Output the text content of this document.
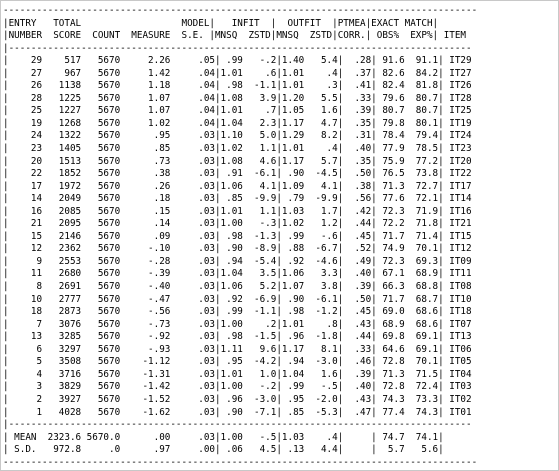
-------------------------------------------------------------------------------------
|ENTRY   TOTAL                  MODEL|   INFIT  |  OUTFIT  |PTMEA|EXACT MATCH|
|NUMBER  SCORE  COUNT  MEASURE  S.E. |MNSQ  ZSTD|MNSQ  ZSTD|CORR.| OBS%  EXP%| ITEM
|-----------------------------------------------------------------------------------
|    29    517   5670     2.26     .05| .99   -.2|1.40   5.4|  .28| 91.6  91.1| IT29
|    27    967   5670     1.42     .04|1.01    .6|1.01    .4|  .37| 82.6  84.2| IT27
|    26   1138   5670     1.18     .04| .98  -1.1|1.01    .3|  .41| 82.4  81.8| IT26
|    28   1225   5670     1.07     .04|1.08   3.9|1.20   5.5|  .33| 79.6  80.7| IT28
|    25   1227   5670     1.07     .04|1.01    .7|1.05   1.6|  .39| 80.7  80.7| IT25
|    19   1268   5670     1.02     .04|1.04   2.3|1.17   4.7|  .35| 79.8  80.1| IT19
|    24   1322   5670      .95     .03|1.10   5.0|1.29   8.2|  .31| 78.4  79.4| IT24
|    23   1405   5670      .85     .03|1.02   1.1|1.01    .4|  .40| 77.9  78.5| IT23
|    20   1513   5670      .73     .03|1.08   4.6|1.17   5.7|  .35| 75.9  77.2| IT20
|    22   1852   5670      .38     .03| .91  -6.1| .90  -4.5|  .50| 76.5  73.8| IT22
|    17   1972   5670      .26     .03|1.06   4.1|1.09   4.1|  .38| 71.3  72.7| IT17
|    14   2049   5670      .18     .03| .85  -9.9| .79  -9.9|  .56| 77.6  72.1| IT14
|    16   2085   5670      .15     .03|1.01   1.1|1.03   1.7|  .42| 72.3  71.9| IT16
|    21   2095   5670      .14     .03|1.00   -.3|1.02   1.2|  .44| 72.2  71.8| IT21
|    15   2146   5670      .09     .03| .98  -1.3| .99   -.6|  .45| 71.7  71.4| IT15
|    12   2362   5670     -.10     .03| .90  -8.9| .88  -6.7|  .52| 74.9  70.1| IT12
|     9   2553   5670     -.28     .03| .94  -5.4| .92  -4.6|  .49| 72.3  69.3| IT09
|    11   2680   5670     -.39     .03|1.04   3.5|1.06   3.3|  .40| 67.1  68.9| IT11
|     8   2691   5670     -.40     .03|1.06   5.2|1.07   3.8|  .39| 66.3  68.8| IT08
|    10   2777   5670     -.47     .03| .92  -6.9| .90  -6.1|  .50| 71.7  68.7| IT10
|    18   2873   5670     -.56     .03| .99  -1.1| .98  -1.2|  .45| 69.0  68.6| IT18
|     7   3076   5670     -.73     .03|1.00    .2|1.01    .8|  .43| 68.9  68.6| IT07
|    13   3285   5670     -.92     .03| .98  -1.5| .96  -1.8|  .44| 69.8  69.1| IT13
|     6   3297   5670     -.93     .03|1.11   9.6|1.17   8.1|  .33| 64.6  69.1| IT06
|     5   3508   5670    -1.12     .03| .95  -4.2| .94  -3.0|  .46| 72.8  70.1| IT05
|     4   3716   5670    -1.31     .03|1.01   1.0|1.04   1.6|  .39| 71.3  71.5| IT04
|     3   3829   5670    -1.42     .03|1.00   -.2| .99   -.5|  .40| 72.8  72.4| IT03
|     2   3927   5670    -1.52     .03| .96  -3.0| .95  -2.0|  .43| 74.3  73.3| IT02
|     1   4028   5670    -1.62     .03| .90  -7.1| .85  -5.3|  .47| 77.4  74.3| IT01
|-----------------------------------------------------------------------------------
| MEAN  2323.6 5670.0      .00     .03|1.00   -.5|1.03    .4|     | 74.7  74.1|
| S.D.   972.8     .0      .97     .00| .06   4.5| .13   4.4|     |  5.7   5.6|
-------------------------------------------------------------------------------------
